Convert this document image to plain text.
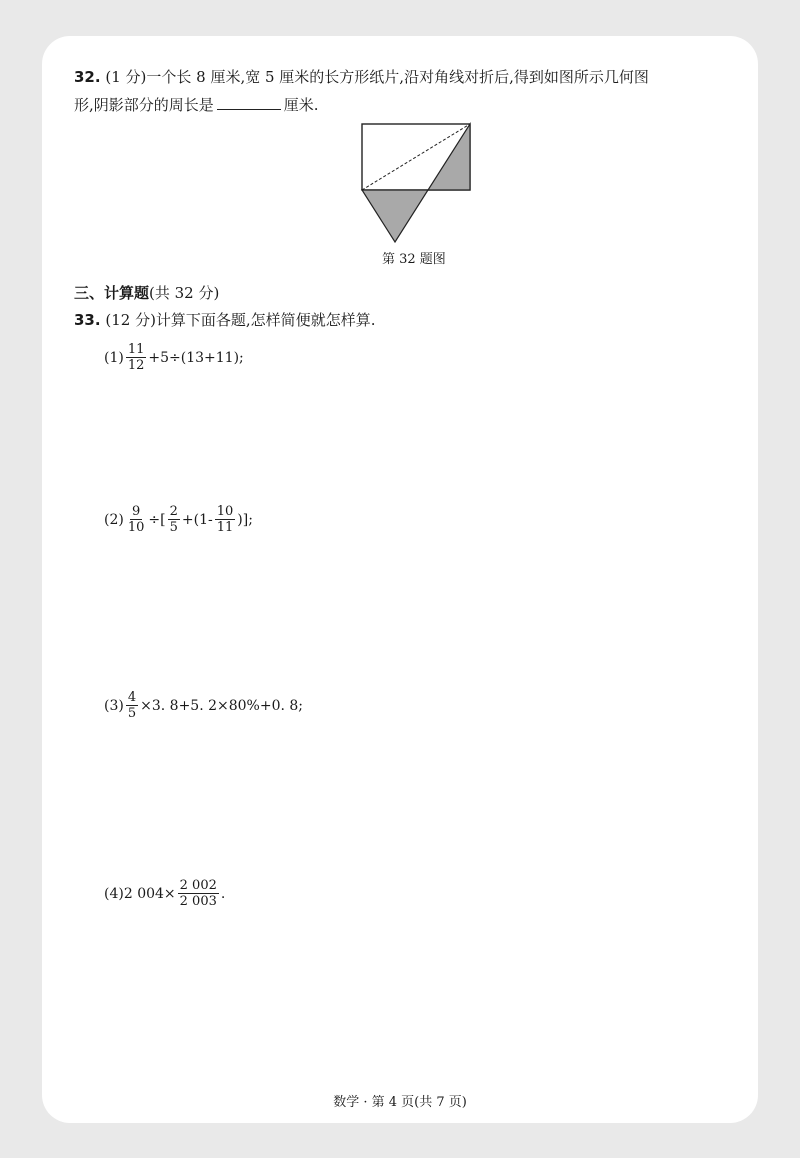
32. (1 分)一个长 8 厘米,宽 5 厘米的长方形纸片,沿对角线对折后,得到如图所示几何图
形,阴影部分的周长是	厘米.
第 32 题图
三、计算题(共 32 分)
33. (12 分)计算下面各题,怎样简便就怎样算.
$(1) \frac{11}{12} +5\div(13+11)$;
$(2) \frac{9}{10}$ ÷[ $\frac{2}{5} +(1- \frac{10}{11}$ )];
$(3) \frac{4}{5} \times 3$. 8+5. 2×80%+0. 8;
(4) 2 $004\times \frac{2 002}{2 003}$ .
数学 · 第 4 页(共 7 页)
